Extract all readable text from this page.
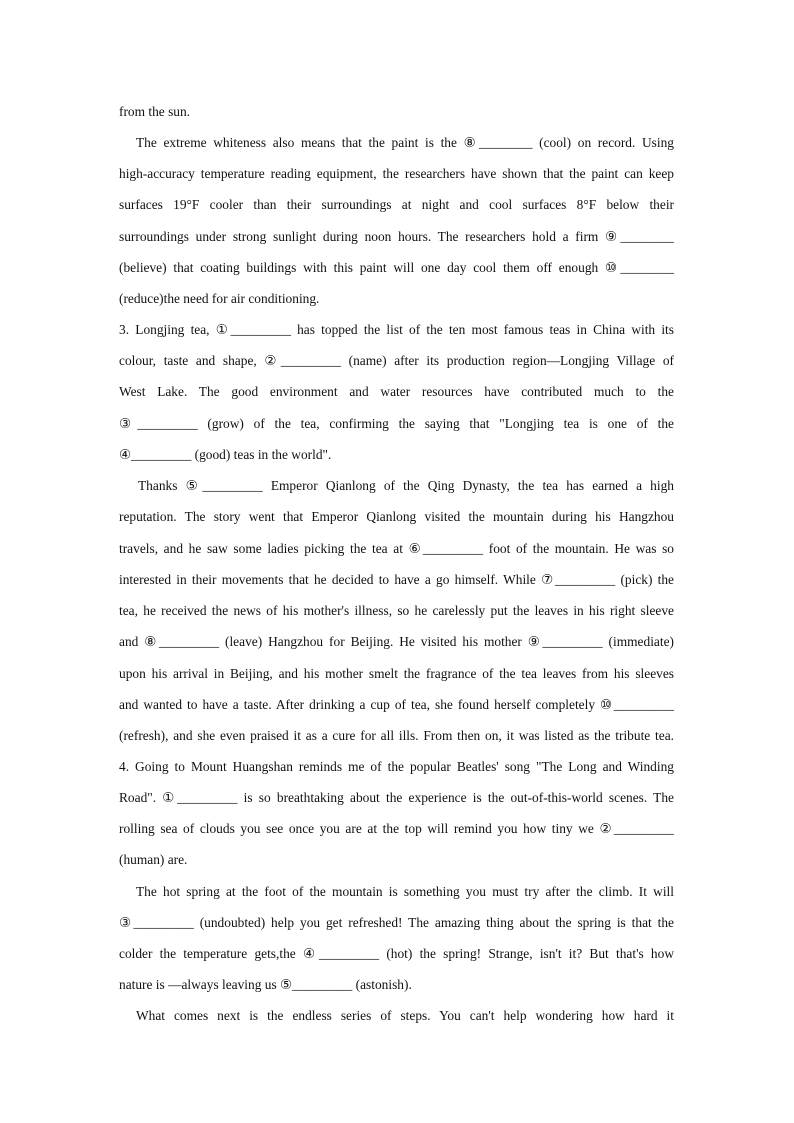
from the sun.
The extreme whiteness also means that the paint is the ⑧________ (cool) on record. Using
high-accuracy temperature reading equipment, the researchers have shown that the paint can keep
surfaces 19°F cooler than their surroundings at night and cool surfaces 8°F below their
surroundings under strong sunlight during noon hours. The researchers hold a firm ⑨________
(believe) that coating buildings with this paint will one day cool them off enough ⑩________
(reduce)the need for air conditioning.
3. Longjing tea, ①_________ has topped the list of the ten most famous teas in China with its
colour, taste and shape, ②_________ (name) after its production region—Longjing Village of
West Lake. The good environment and water resources have contributed much to the
③_________ (grow) of the tea, confirming the saying that "Longjing tea is one of the
④_________ (good) teas in the world".
Thanks ⑤_________ Emperor Qianlong of the Qing Dynasty, the tea has earned a high
reputation. The story went that Emperor Qianlong visited the mountain during his Hangzhou
travels, and he saw some ladies picking the tea at ⑥_________ foot of the mountain. He was so
interested in their movements that he decided to have a go himself. While ⑦_________ (pick) the
tea, he received the news of his mother's illness, so he carelessly put the leaves in his right sleeve
and ⑧_________ (leave) Hangzhou for Beijing. He visited his mother ⑨_________ (immediate)
upon his arrival in Beijing, and his mother smelt the fragrance of the tea leaves from his sleeves
and wanted to have a taste. After drinking a cup of tea, she found herself completely ⑩_________
(refresh), and she even praised it as a cure for all ills. From then on, it was listed as the tribute tea.
4. Going to Mount Huangshan reminds me of the popular Beatles' song "The Long and Winding
Road". ①_________ is so breathtaking about the experience is the out-of-this-world scenes. The
rolling sea of clouds you see once you are at the top will remind you how tiny we ②_________
(human) are.
The hot spring at the foot of the mountain is something you must try after the climb. It will
③_________ (undoubted) help you get refreshed! The amazing thing about the spring is that the
colder the temperature gets,the ④_________ (hot) the spring! Strange, isn't it? But that's how
nature is —always leaving us ⑤_________ (astonish).
What comes next is the endless series of steps. You can't help wondering how hard it
